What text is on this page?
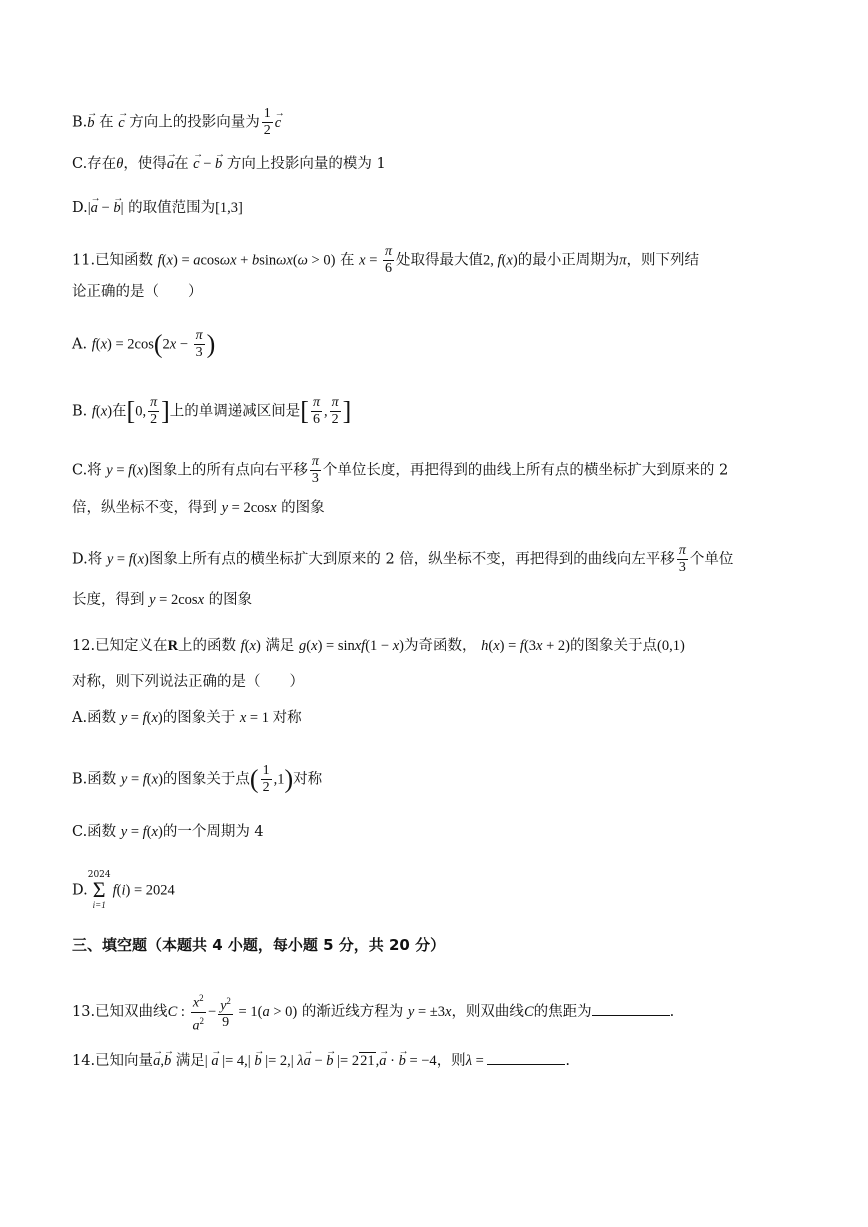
B.→ b 在 → c 方向上的投影向量为 $\frac{1}{2}$
→ c
C.存在θ，使得→ a在 → c − → b 方向上投影向量的模为 1
D.|→ a − → b| 的取值范围为[1,3]
11.已知函数 f(x) = acosωx + bsinωx(ω > 0) 在 $x = \frac{\pi}{6}$ 处取得最大值2, f(x)的最小正周期为π，则下列结
论正确的是（　　）
A. $f(x) = 2\cos(2x - \frac{\pi}{3}$ )
B. f(x)在[0, $\frac{\pi}{2}$ ]上的单调递减区间是[ $\frac{\pi}{6}$ , $\frac{\pi}{2}$ ]
C.将 y = f(x)图象上的所有点向右平移 $\frac{\pi}{3}$ 个单位长度，再把得到的曲线上所有点的横坐标扩大到原来的 2
倍，纵坐标不变，得到 y = 2cosx 的图象
D.将 y = f(x)图象上所有点的横坐标扩大到原来的 2 倍，纵坐标不变，再把得到的曲线向左平移 $\frac{\pi}{3}$ 个单位
长度，得到 y = 2cosx 的图象
12.已知定义在R上的函数 f(x) 满足 g(x) = sinxf(1 − x)为奇函数， h(x) = f(3x + 2)的图象关于点(0,1)
对称，则下列说法正确的是（　　）
A.函数 y = f(x)的图象关于 x = 1 对称
B.函数 y = f(x)的图象关于点( $\frac{1}{2} ,1$)对称
C.函数 y = f(x)的一个周期为 4
D.2024
Σ
i=1f(i) = 2024
三、填空题（本题共 4 小题，每小题 5 分，共 20 分）
13.已知双曲线C : $\frac{x^2}{a^2} - \frac{y^2}{9} = 1(a > 0)$ 的渐近线方程为 y = ±3x，则双曲线C的焦距为	.
14.已知向量→ a,→ b 满足| → a |= 4,| → b |= 2,| λ→ a − → b |= 221,→ a · → b = −4，则λ =	.
